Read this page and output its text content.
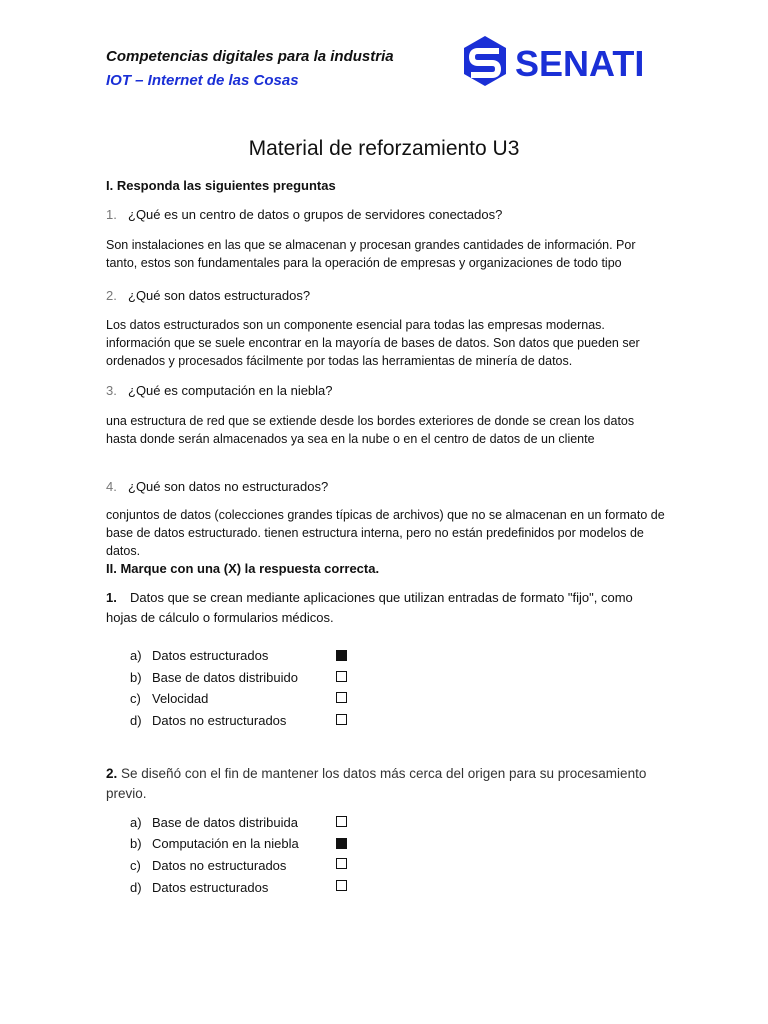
Competencias digitales para la industria
IOT – Internet de las Cosas	SENATI
Material de reforzamiento U3
I. Responda las siguientes preguntas
1. ¿Qué es un centro de datos o grupos de servidores conectados?
Son instalaciones en las que se almacenan y procesan grandes cantidades de información. Por tanto, estos son fundamentales para la operación de empresas y organizaciones de todo tipo
2. ¿Qué son datos estructurados?
Los datos estructurados son un componente esencial para todas las empresas modernas. información que se suele encontrar en la mayoría de bases de datos. Son datos que pueden ser ordenados y procesados fácilmente por todas las herramientas de minería de datos.
3. ¿Qué es computación en la niebla?
una estructura de red que se extiende desde los bordes exteriores de donde se crean los datos hasta donde serán almacenados ya sea en la nube o en el centro de datos de un cliente
4. ¿Qué son datos no estructurados?
conjuntos de datos (colecciones grandes típicas de archivos) que no se almacenan en un formato de base de datos estructurado. tienen estructura interna, pero no están predefinidos por modelos de datos.
II. Marque con una (X) la respuesta correcta.
1. Datos que se crean mediante aplicaciones que utilizan entradas de formato "fijo", como hojas de cálculo o formularios médicos.
a) Datos estructurados
b) Base de datos distribuido
c) Velocidad
d) Datos no estructurados
2. Se diseñó con el fin de mantener los datos más cerca del origen para su procesamiento previo.
a) Base de datos distribuida
b) Computación en la niebla
c) Datos no estructurados
d) Datos estructurados
